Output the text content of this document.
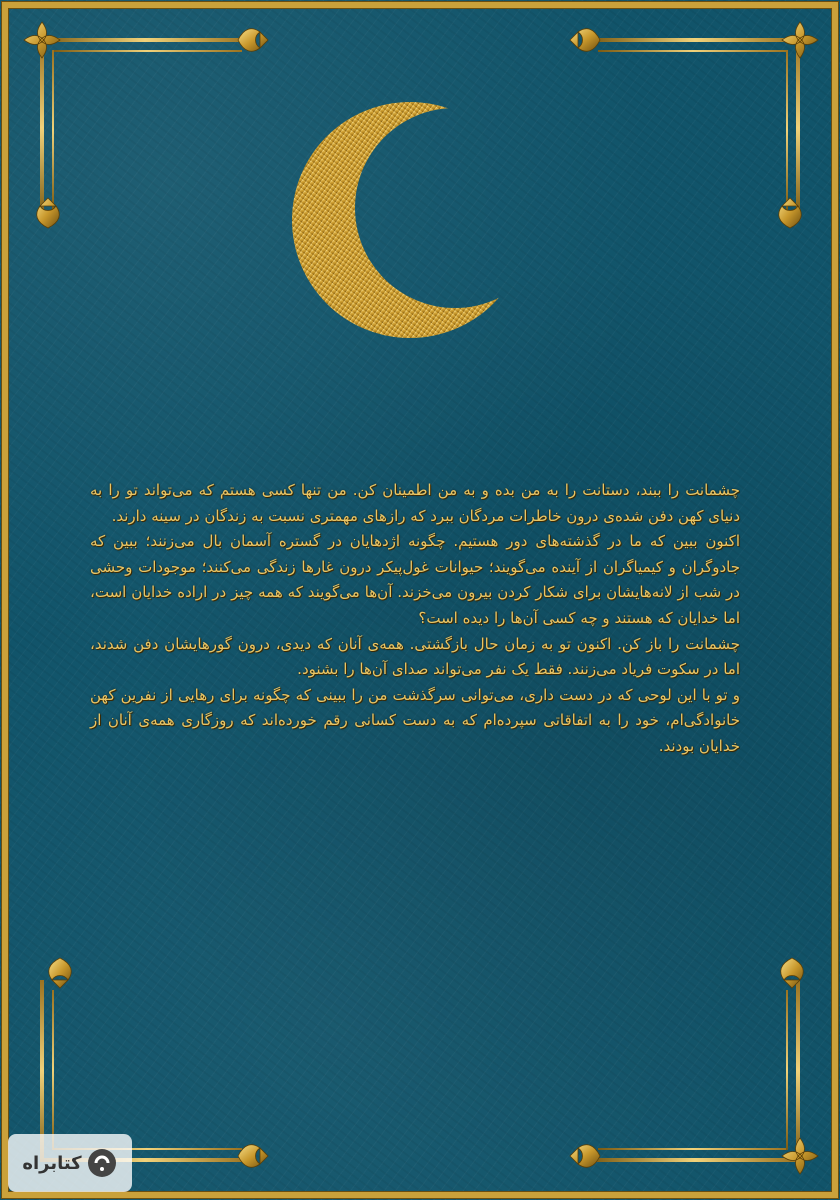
چشمانت را ببند، دستانت را به من بده و به من اطمینان کن. من تنها کسی هستم که می‌تواند تو را به دنیای کهن دفن شده‌ی درون خاطرات مردگان ببرد که رازهای مهمتری نسبت به زندگان در سینه دارند.

اکنون ببین که ما در گذشته‌های دور هستیم. چگونه اژدهایان در گستره آسمان بال می‌زنند؛ ببین که جادوگران و کیمیاگران از آینده می‌گویند؛ حیوانات غول‌پیکر درون غارها زندگی می‌کنند؛ موجودات وحشی در شب از لانه‌هایشان برای شکار کردن بیرون می‌خزند. آن‌ها می‌گویند که همه چیز در اراده خدایان است، اما خدایان که هستند و چه کسی آن‌ها را دیده است؟

چشمانت را باز کن. اکنون تو به زمان حال بازگشتی. همه‌ی آنان که دیدی، درون گورهایشان دفن شدند، اما در سکوت فریاد می‌زنند. فقط یک نفر می‌تواند صدای آن‌ها را بشنود.

و تو با این لوحی که در دست داری، می‌توانی سرگذشت من را ببینی که چگونه برای رهایی از نفرین کهن خانوادگی‌ام، خود را به اتفاقاتی سپرده‌ام که به دست کسانی رقم خورده‌اند که روزگاری همه‌ی آنان از خدایان بودند.

کتابراه
